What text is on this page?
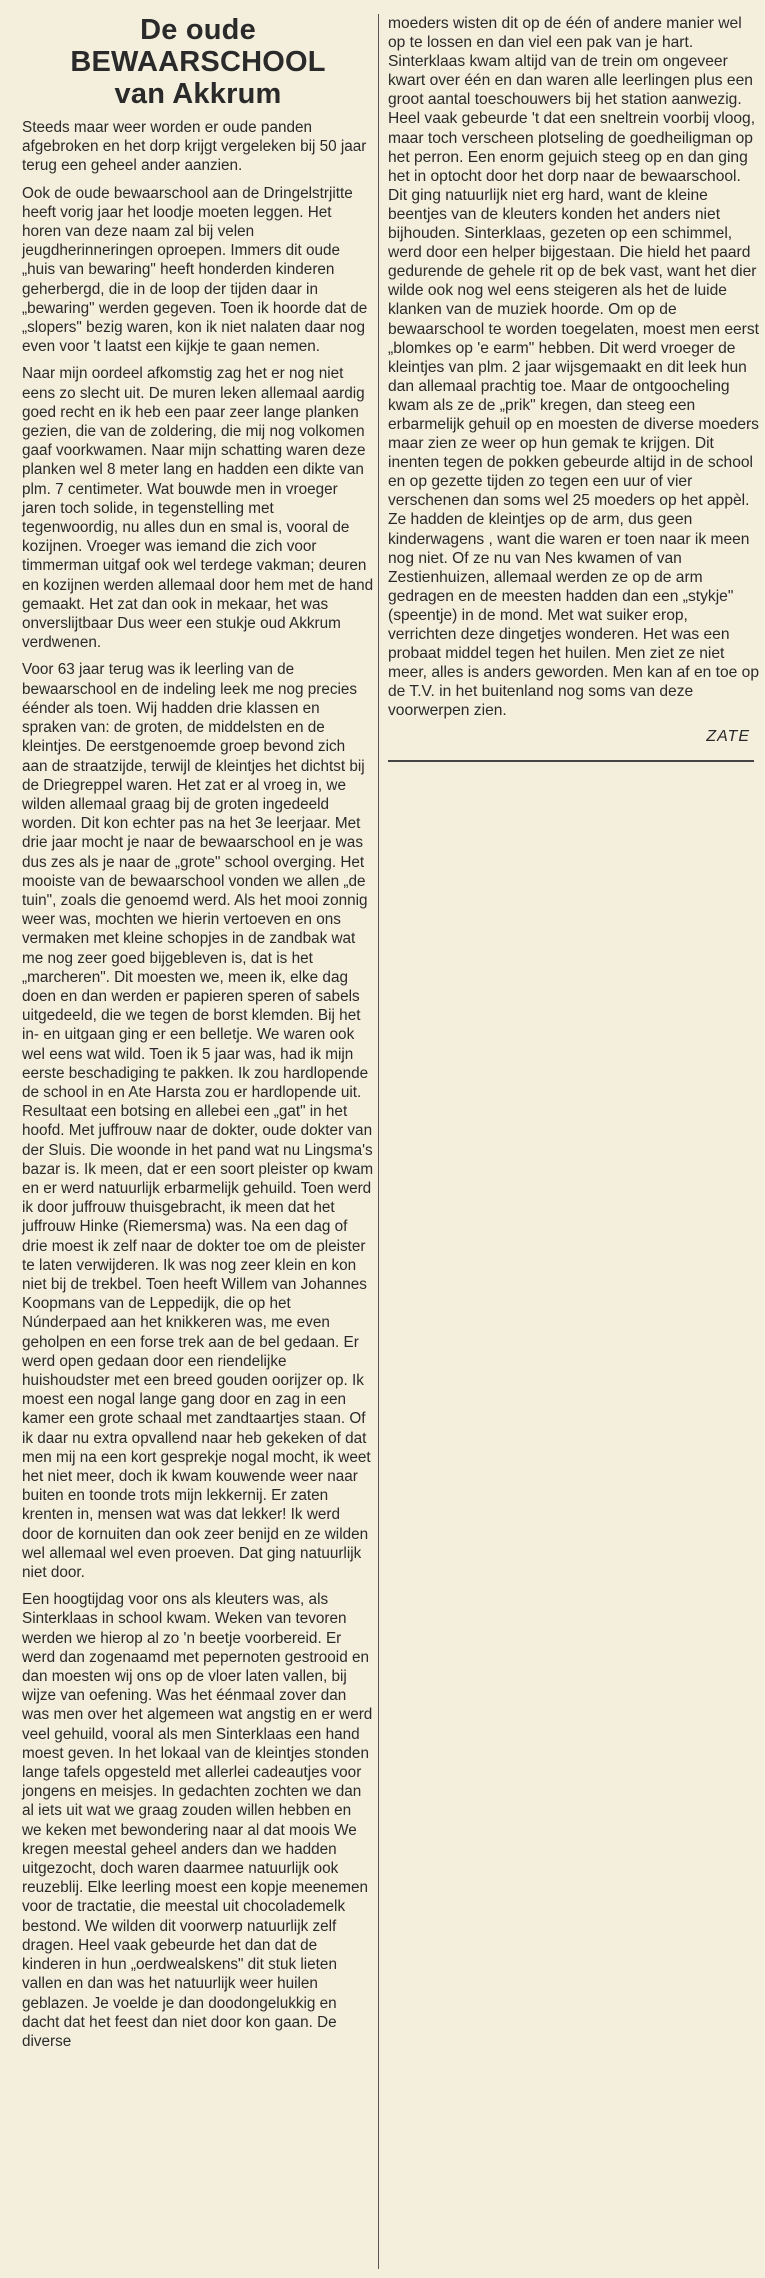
De oude BEWAARSCHOOL
van Akkrum

Steeds maar weer worden er oude panden afgebroken en het dorp krijgt vergeleken bij 50 jaar terug een geheel ander aanzien.

Ook de oude bewaarschool aan de Dringelstrjitte heeft vorig jaar het loodje moeten leggen. Het horen van deze naam zal bij velen jeugdherinneringen oproepen. Immers dit oude „huis van bewaring" heeft honderden kinderen geherbergd, die in de loop der tijden daar in „bewaring" werden gegeven. Toen ik hoorde dat de „slopers" bezig waren, kon ik niet nalaten daar nog even voor 't laatst een kijkje te gaan nemen.

Naar mijn oordeel afkomstig zag het er nog niet eens zo slecht uit. De muren leken allemaal aardig goed recht en ik heb een paar zeer lange planken gezien, die van de zoldering, die mij nog volkomen gaaf voorkwamen. Naar mijn schatting waren deze planken wel 8 meter lang en hadden een dikte van plm. 7 centimeter. Wat bouwde men in vroeger jaren toch solide, in tegenstelling met tegenwoordig, nu alles dun en smal is, vooral de kozijnen. Vroeger was iemand die zich voor timmerman uitgaf ook wel terdege vakman; deuren en kozijnen werden allemaal door hem met de hand gemaakt. Het zat dan ook in mekaar, het was onverslijtbaar Dus weer een stukje oud Akkrum verdwenen.

Voor 63 jaar terug was ik leerling van de bewaarschool en de indeling leek me nog precies éénder als toen. Wij hadden drie klassen en spraken van: de groten, de middelsten en de kleintjes. De eerstgenoemde groep bevond zich aan de straatzijde, terwijl de kleintjes het dichtst bij de Driegreppel waren. Het zat er al vroeg in, we wilden allemaal graag bij de groten ingedeeld worden. Dit kon echter pas na het 3e leerjaar. Met drie jaar mocht je naar de bewaarschool en je was dus zes als je naar de „grote" school overging. Het mooiste van de bewaarschool vonden we allen „de tuin", zoals die genoemd werd. Als het mooi zonnig weer was, mochten we hierin vertoeven en ons vermaken met kleine schopjes in de zandbak wat me nog zeer goed bijgebleven is, dat is het „marcheren". Dit moesten we, meen ik, elke dag doen en dan werden er papieren speren of sabels uitgedeeld, die we tegen de borst klemden. Bij het in- en uitgaan ging er een belletje. We waren ook wel eens wat wild. Toen ik 5 jaar was, had ik mijn eerste beschadiging te pakken. Ik zou hardlopende de school in en Ate Harsta zou er hardlopende uit. Resultaat een botsing en allebei een „gat" in het hoofd. Met juffrouw naar de dokter, oude dokter van der Sluis. Die woonde in het pand wat nu Lingsma's bazar is. Ik meen, dat er een soort pleister op kwam en er werd natuurlijk erbarmelijk gehuild. Toen werd ik door juffrouw thuisgebracht, ik meen dat het juffrouw Hinke (Riemersma) was. Na een dag of drie moest ik zelf naar de dokter toe om de pleister te laten verwijderen. Ik was nog zeer klein en kon niet bij de trekbel. Toen heeft Willem van Johannes Koopmans van de Leppedijk, die op het Núnderpaed aan het knikkeren was, me even geholpen en een forse trek aan de bel gedaan. Er werd open gedaan door een riendelijke huishoudster met een breed gouden oorijzer op. Ik moest een nogal lange gang door en zag in een kamer een grote schaal met zandtaartjes staan. Of ik daar nu extra opvallend naar heb gekeken of dat men mij na een kort gesprekje nogal mocht, ik weet het niet meer, doch ik kwam kouwende weer naar buiten en toonde trots mijn lekkernij. Er zaten krenten in, mensen wat was dat lekker! Ik werd door de kornuiten dan ook zeer benijd en ze wilden wel allemaal wel even proeven. Dat ging natuurlijk niet door.

Een hoogtijdag voor ons als kleuters was, als Sinterklaas in school kwam. Weken van tevoren werden we hierop al zo 'n beetje voorbereid. Er werd dan zogenaamd met pepernoten gestrooid en dan moesten wij ons op de vloer laten vallen, bij wijze van oefening. Was het éénmaal zover dan was men over het algemeen wat angstig en er werd veel gehuild, vooral als men Sinterklaas een hand moest geven. In het lokaal van de kleintjes stonden lange tafels opgesteld met allerlei cadeautjes voor jongens en meisjes. In gedachten zochten we dan al iets uit wat we graag zouden willen hebben en we keken met bewondering naar al dat moois We kregen meestal geheel anders dan we hadden uitgezocht, doch waren daarmee natuurlijk ook reuzeblij. Elke leerling moest een kopje meenemen voor de tractatie, die meestal uit chocolademelk bestond. We wilden dit voorwerp natuurlijk zelf dragen. Heel vaak gebeurde het dan dat de kinderen in hun „oerdwealskens" dit stuk lieten vallen en dan was het natuurlijk weer huilen geblazen. Je voelde je dan doodongelukkig en dacht dat het feest dan niet door kon gaan. De diverse

moeders wisten dit op de één of andere manier wel op te lossen en dan viel een pak van je hart. Sinterklaas kwam altijd van de trein om ongeveer kwart over één en dan waren alle leerlingen plus een groot aantal toeschouwers bij het station aanwezig. Heel vaak gebeurde 't dat een sneltrein voorbij vloog, maar toch verscheen plotseling de goedheiligman op het perron. Een enorm gejuich steeg op en dan ging het in optocht door het dorp naar de bewaarschool. Dit ging natuurlijk niet erg hard, want de kleine beentjes van de kleuters konden het anders niet bijhouden. Sinterklaas, gezeten op een schimmel, werd door een helper bijgestaan. Die hield het paard gedurende de gehele rit op de bek vast, want het dier wilde ook nog wel eens steigeren als het de luide klanken van de muziek hoorde. Om op de bewaarschool te worden toegelaten, moest men eerst „blomkes op 'e earm" hebben. Dit werd vroeger de kleintjes van plm. 2 jaar wijsgemaakt en dit leek hun dan allemaal prachtig toe. Maar de ontgoocheling kwam als ze de „prik" kregen, dan steeg een erbarmelijk gehuil op en moesten de diverse moeders maar zien ze weer op hun gemak te krijgen. Dit inenten tegen de pokken gebeurde altijd in de school en op gezette tijden zo tegen een uur of vier verschenen dan soms wel 25 moeders op het appèl. Ze hadden de kleintjes op de arm, dus geen kinderwagens , want die waren er toen naar ik meen nog niet. Of ze nu van Nes kwamen of van Zestienhuizen, allemaal werden ze op de arm gedragen en de meesten hadden dan een „stykje" (speentje) in de mond. Met wat suiker erop, verrichten deze dingetjes wonderen. Het was een probaat middel tegen het huilen. Men ziet ze niet meer, alles is anders geworden. Men kan af en toe op de T.V. in het buitenland nog soms van deze voorwerpen zien.

ZATE
